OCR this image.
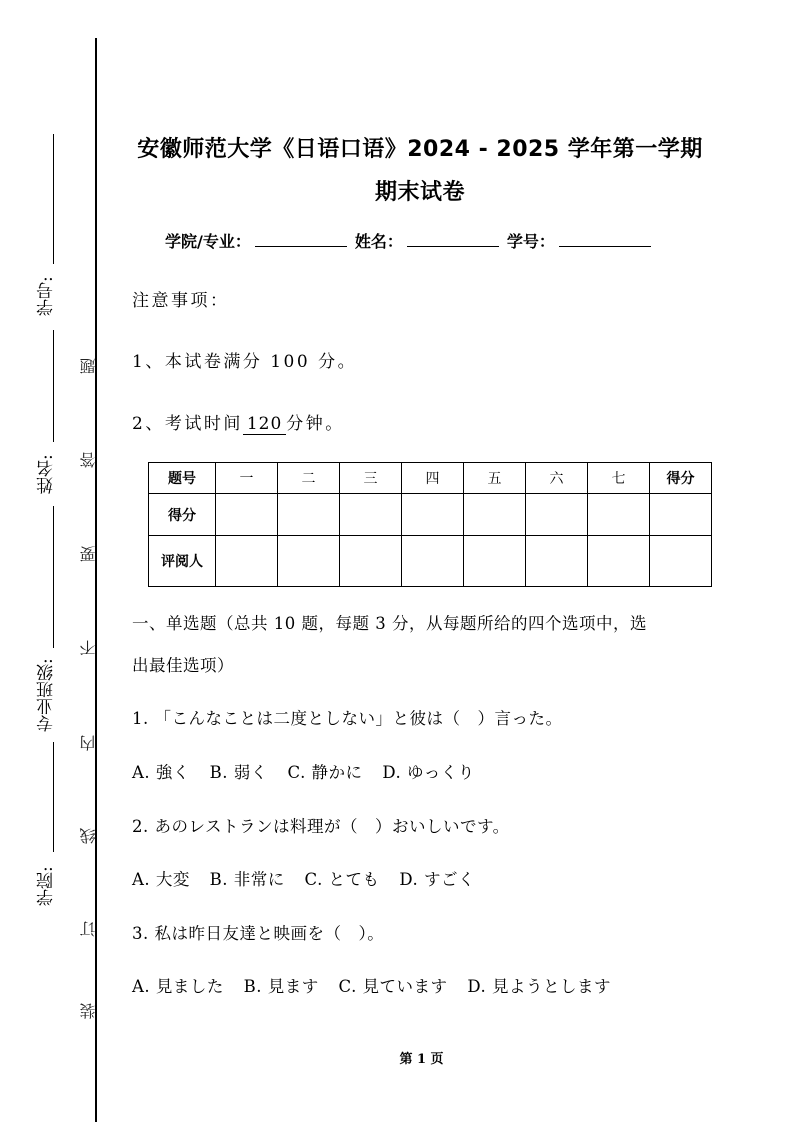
学号:
姓名:
专业班级:
学院:
题
答
要
不
内
线
订
装
安徽师范大学《日语口语》2024 - 2025 学年第一学期
期末试卷
学院/专业：	姓名：	学号：
注意事项：
1、本试卷满分 100 分。
2、考试时间 120 分钟。
题号	一	二	三	四	五	六	七	得分
得分								
评阅人								
一、单选题（总共 10 题，每题 3 分，从每题所给的四个选项中，选
出最佳选项）
1. 「こんなことは二度としない」と彼は（　）言った。
A. 強く B. 弱く C. 静かに D. ゆっくり
2. あのレストランは料理が（　）おいしいです。
A. 大変 B. 非常に C. とても D. すごく
3. 私は昨日友達と映画を（　）。
A. 見ました B. 見ます C. 見ています D. 見ようとします
第 1 页
